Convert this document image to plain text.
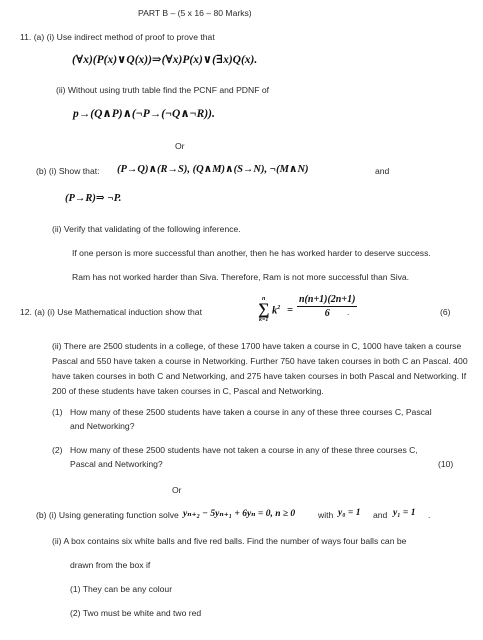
PART B – (5 x 16 – 80 Marks)
11. (a) (i) Use indirect method of proof to prove that
(∀x)(P(x)∨Q(x))⇒(∀x)P(x)∨(∃x)Q(x).
(ii) Without using truth table find the PCNF and PDNF of
p→(Q∧P)∧(¬P→(¬Q∧¬R)).
Or
(b) (i) Show that: (P→Q)∧(R→S), (Q∧M)∧(S→N), ¬(M∧N)	and
(P→R)⇒ ¬P.
(ii) Verify that validating of the following inference.
If one person is more successful than another, then he has worked harder to deserve success.
Ram has not worked harder than Siva. Therefore, Ram is not more successful than Siva.
12. (a) (i) Use Mathematical induction show that
n
∑
k=1
$k^2 = \frac{n(n+1)(2n+1)}{6}$
.	(6)
(ii) There are 2500 students in a college, of these 1700 have taken a course in C, 1000 have taken a course Pascal and 550 have taken a course in Networking. Further 750 have taken courses in both C an Pascal. 400 have taken courses in both C and Networking, and 275 have taken courses in both Pascal and Networking. If 200 of these students have taken courses in C, Pascal and Networking.
(1) How many of these 2500 students have taken a course in any of these three courses C, Pascal
and Networking?
(2) How many of these 2500 students have not taken a course in any of these three courses C,
Pascal and Networking?	(10)
Or
(b) (i) Using generating function solve yₙ₊₂ − 5yₙ₊₁ + 6yₙ = 0, n ≥ 0	with y₀ = 1 and y₁ = 1 .
(ii) A box contains six white balls and five red balls. Find the number of ways four balls can be
drawn from the box if
(1) They can be any colour
(2) Two must be white and two red
